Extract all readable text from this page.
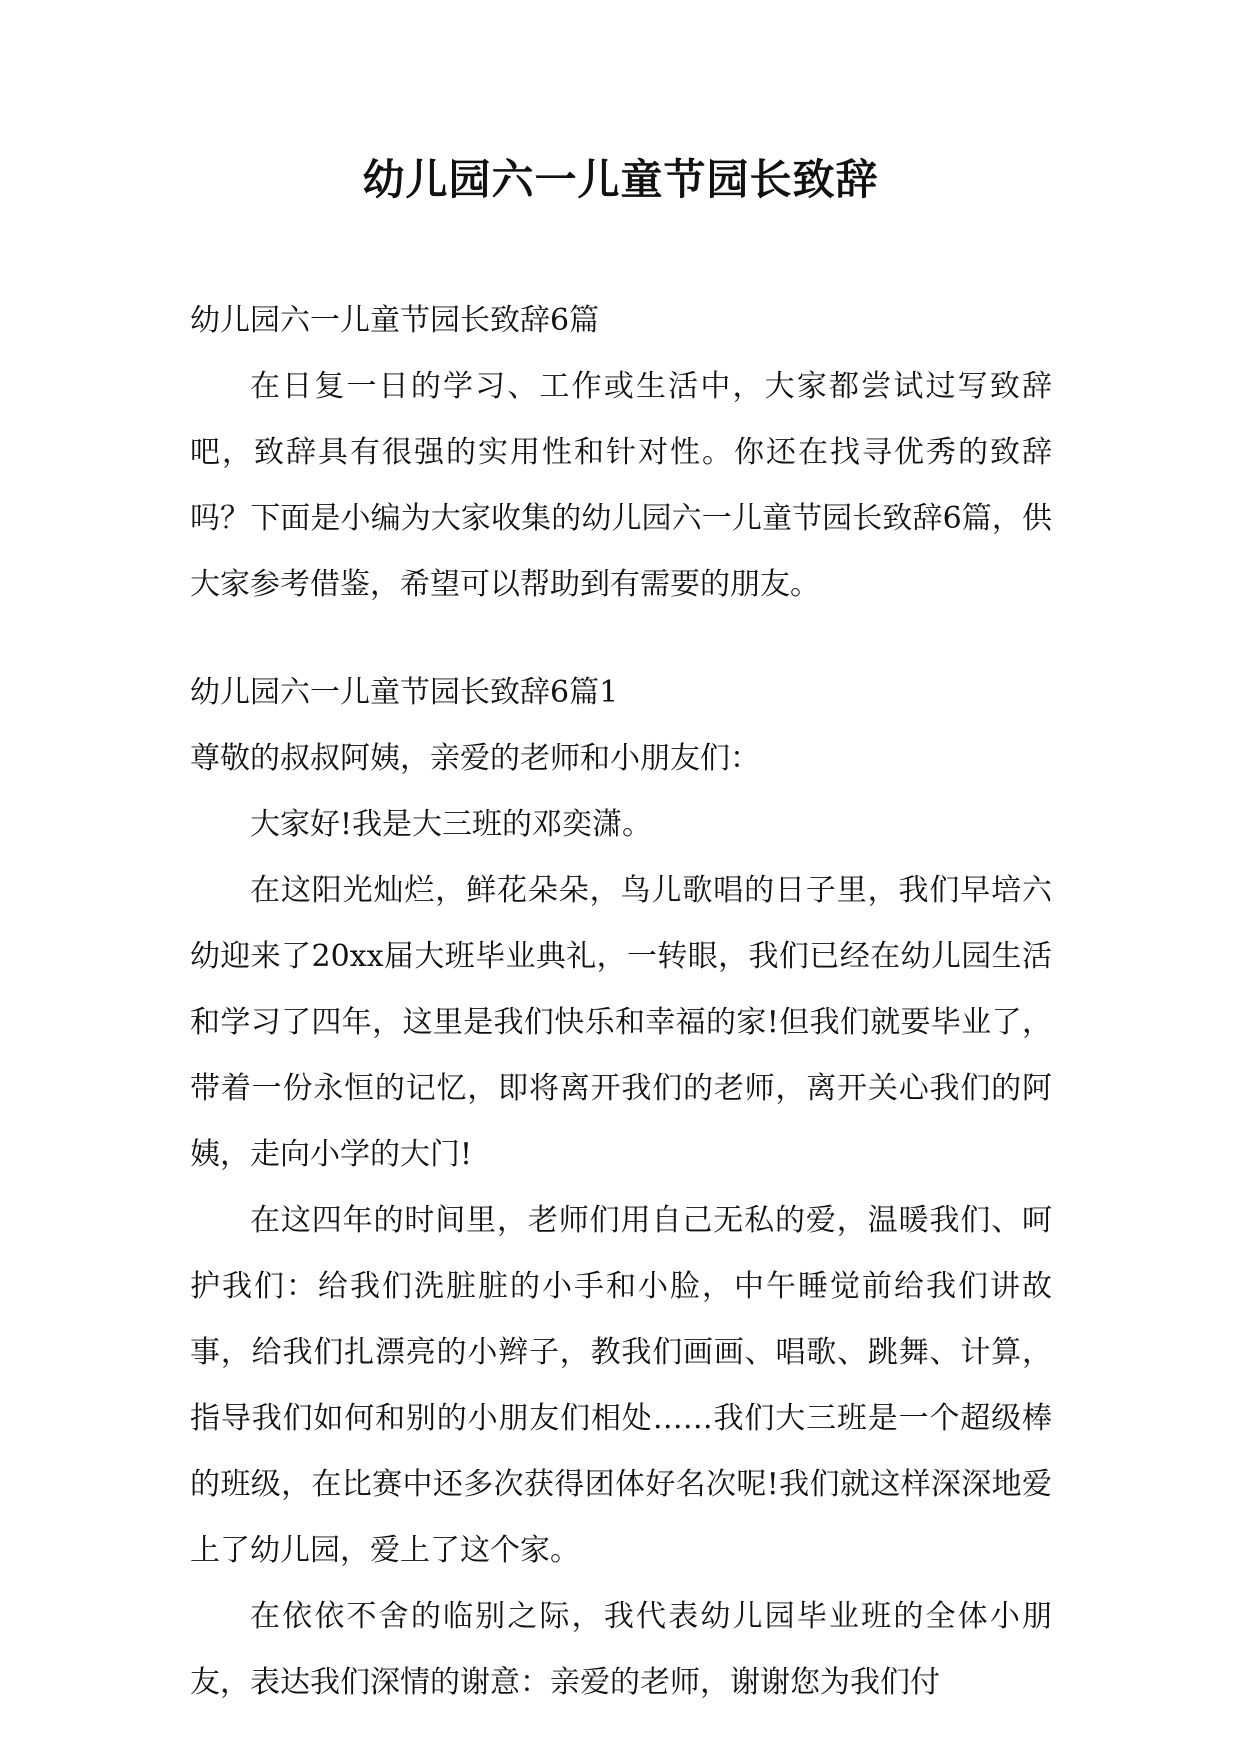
幼儿园六一儿童节园长致辞

幼儿园六一儿童节园长致辞6篇

在日复一日的学习、工作或生活中，大家都尝试过写致辞吧，致辞具有很强的实用性和针对性。你还在找寻优秀的致辞吗？下面是小编为大家收集的幼儿园六一儿童节园长致辞6篇，供大家参考借鉴，希望可以帮助到有需要的朋友。

幼儿园六一儿童节园长致辞6篇1

尊敬的叔叔阿姨，亲爱的老师和小朋友们：

大家好!我是大三班的邓奕潇。

在这阳光灿烂，鲜花朵朵，鸟儿歌唱的日子里，我们早培六幼迎来了20xx届大班毕业典礼，一转眼，我们已经在幼儿园生活和学习了四年，这里是我们快乐和幸福的家!但我们就要毕业了，带着一份永恒的记忆，即将离开我们的老师，离开关心我们的阿姨，走向小学的大门!

在这四年的时间里，老师们用自己无私的爱，温暖我们、呵护我们：给我们洗脏脏的小手和小脸，中午睡觉前给我们讲故事，给我们扎漂亮的小辫子，教我们画画、唱歌、跳舞、计算，指导我们如何和别的小朋友们相处……我们大三班是一个超级棒的班级，在比赛中还多次获得团体好名次呢!我们就这样深深地爱上了幼儿园，爱上了这个家。

在依依不舍的临别之际，我代表幼儿园毕业班的全体小朋友，表达我们深情的谢意：亲爱的老师，谢谢您为我们付
